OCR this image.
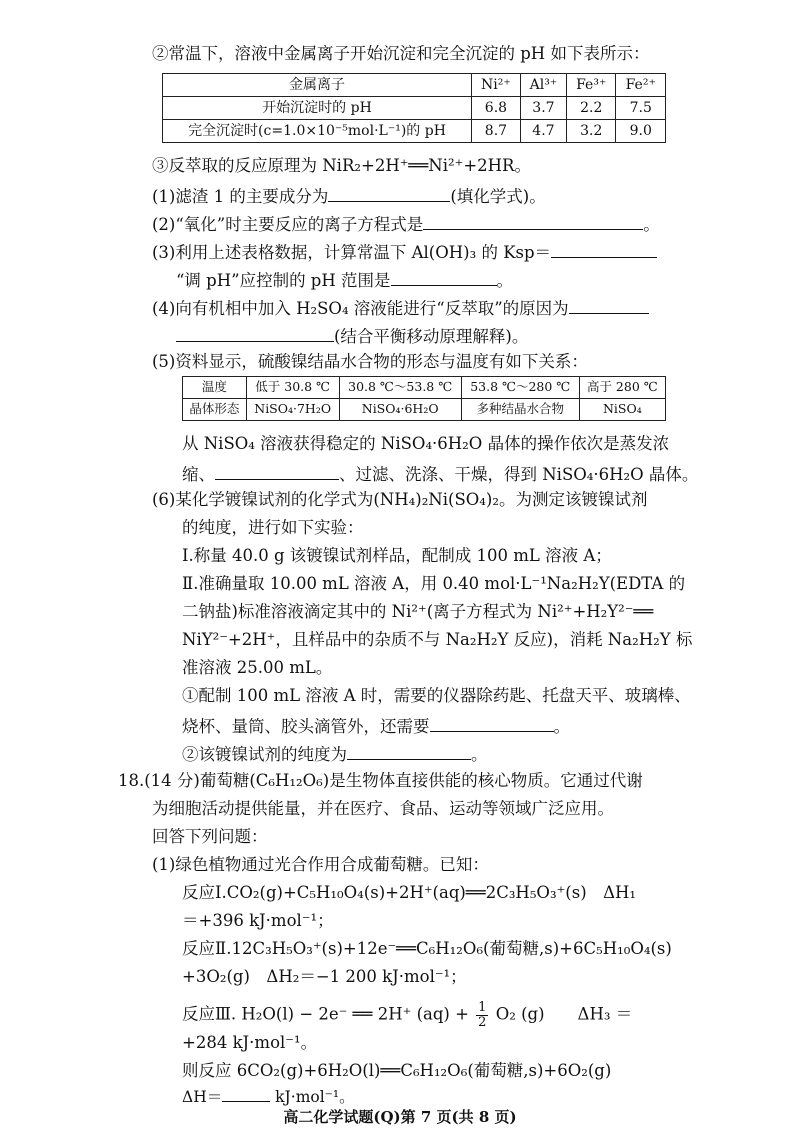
②常温下，溶液中金属离子开始沉淀和完全沉淀的 pH 如下表所示：
金属离子	Ni²⁺	Al³⁺	Fe³⁺	Fe²⁺
开始沉淀时的 pH	6.8	3.7	2.2	7.5
完全沉淀时(c=1.0×10⁻⁵mol·L⁻¹)的 pH	8.7	4.7	3.2	9.0
③反萃取的反应原理为 NiR₂+2H⁺══Ni²⁺+2HR。
(1)滤渣 1 的主要成分为	(填化学式)。
(2)“氧化”时主要反应的离子方程式是	。
(3)利用上述表格数据，计算常温下 Al(OH)₃ 的 Ksp＝
“调 pH”应控制的 pH 范围是	。
(4)向有机相中加入 H₂SO₄ 溶液能进行“反萃取”的原因为
(结合平衡移动原理解释)。
(5)资料显示，硫酸镍结晶水合物的形态与温度有如下关系：
温度	低于 30.8 ℃	30.8 ℃～53.8 ℃	53.8 ℃～280 ℃	高于 280 ℃
晶体形态	NiSO₄·7H₂O	NiSO₄·6H₂O	多种结晶水合物	NiSO₄
从 NiSO₄ 溶液获得稳定的 NiSO₄·6H₂O 晶体的操作依次是蒸发浓
缩、	、过滤、洗涤、干燥，得到 NiSO₄·6H₂O 晶体。
(6)某化学镀镍试剂的化学式为(NH₄)₂Ni(SO₄)₂。为测定该镀镍试剂
的纯度，进行如下实验：
Ⅰ.称量 40.0 g 该镀镍试剂样品，配制成 100 mL 溶液 A；
Ⅱ.准确量取 10.00 mL 溶液 A，用 0.40 mol·L⁻¹Na₂H₂Y(EDTA 的
二钠盐)标准溶液滴定其中的 Ni²⁺(离子方程式为 Ni²⁺+H₂Y²⁻══
NiY²⁻+2H⁺，且样品中的杂质不与 Na₂H₂Y 反应)，消耗 Na₂H₂Y 标
准溶液 25.00 mL。
①配制 100 mL 溶液 A 时，需要的仪器除药匙、托盘天平、玻璃棒、
烧杯、量筒、胶头滴管外，还需要	。
②该镀镍试剂的纯度为	。
18.(14 分)葡萄糖(C₆H₁₂O₆)是生物体直接供能的核心物质。它通过代谢
为细胞活动提供能量，并在医疗、食品、运动等领域广泛应用。
回答下列问题：
(1)绿色植物通过光合作用合成葡萄糖。已知：
反应Ⅰ.CO₂(g)+C₅H₁₀O₄(s)+2H⁺(aq)══2C₃H₅O₃⁺(s)　ΔH₁
＝+396 kJ·mol⁻¹；
反应Ⅱ.12C₃H₅O₃⁺(s)+12e⁻══C₆H₁₂O₆(葡萄糖,s)+6C₅H₁₀O₄(s)
+3O₂(g)　ΔH₂＝−1 200 kJ·mol⁻¹；
反应Ⅲ. H₂O(l) − 2e⁻ ══ 2H⁺ $(aq) + \frac{1}{2} O_2$ (g)　　ΔH₃ ＝
+284 kJ·mol⁻¹。
则反应 6CO₂(g)+6H₂O(l)══C₆H₁₂O₆(葡萄糖,s)+6O₂(g)
ΔH＝	kJ·mol⁻¹。
高二化学试题(Q)第 7 页(共 8 页)
